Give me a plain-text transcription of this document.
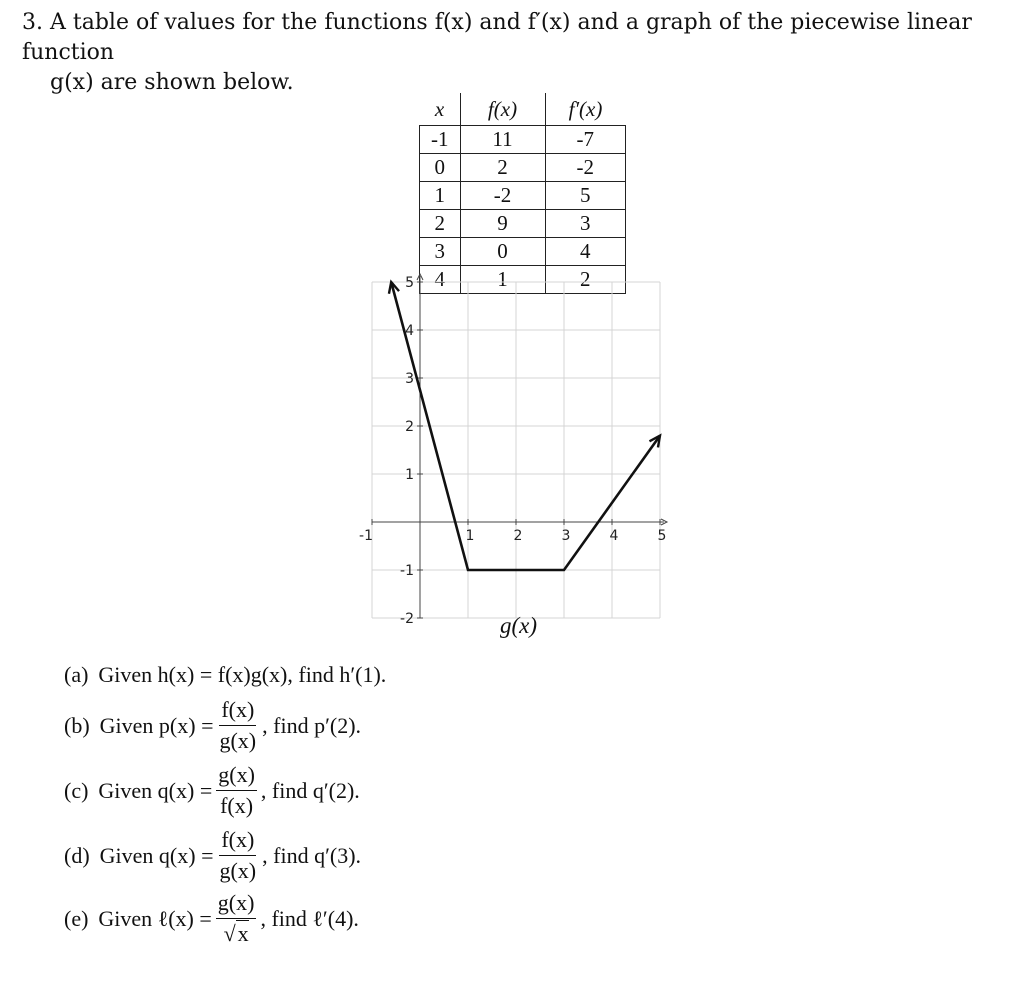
3. A table of values for the functions f(x) and f′(x) and a graph of the piecewise linear function
g(x) are shown below.
x	f(x)	f′(x)
-1	11	-7
0	2	-2
1	-2	5
2	9	3
3	0	4
4	1	2
-1	1	2	3	4	5
5
4
3
2
1
-1
-2	g(x)
(a) Given h(x) = f(x)g(x), find h′(1).
(b) Given $p(x) = \frac{f(x)}{g(x)}$ , find p′(2).
(c) Given $q(x) = \frac{g(x)}{f(x)}$ , find q′(2).
(d) Given $q(x) = \frac{f(x)}{g(x)}$ , find q′(3).
(e) Given ℓ(x) = $\frac{g(x)}{√x}$ , find ℓ′(4).
